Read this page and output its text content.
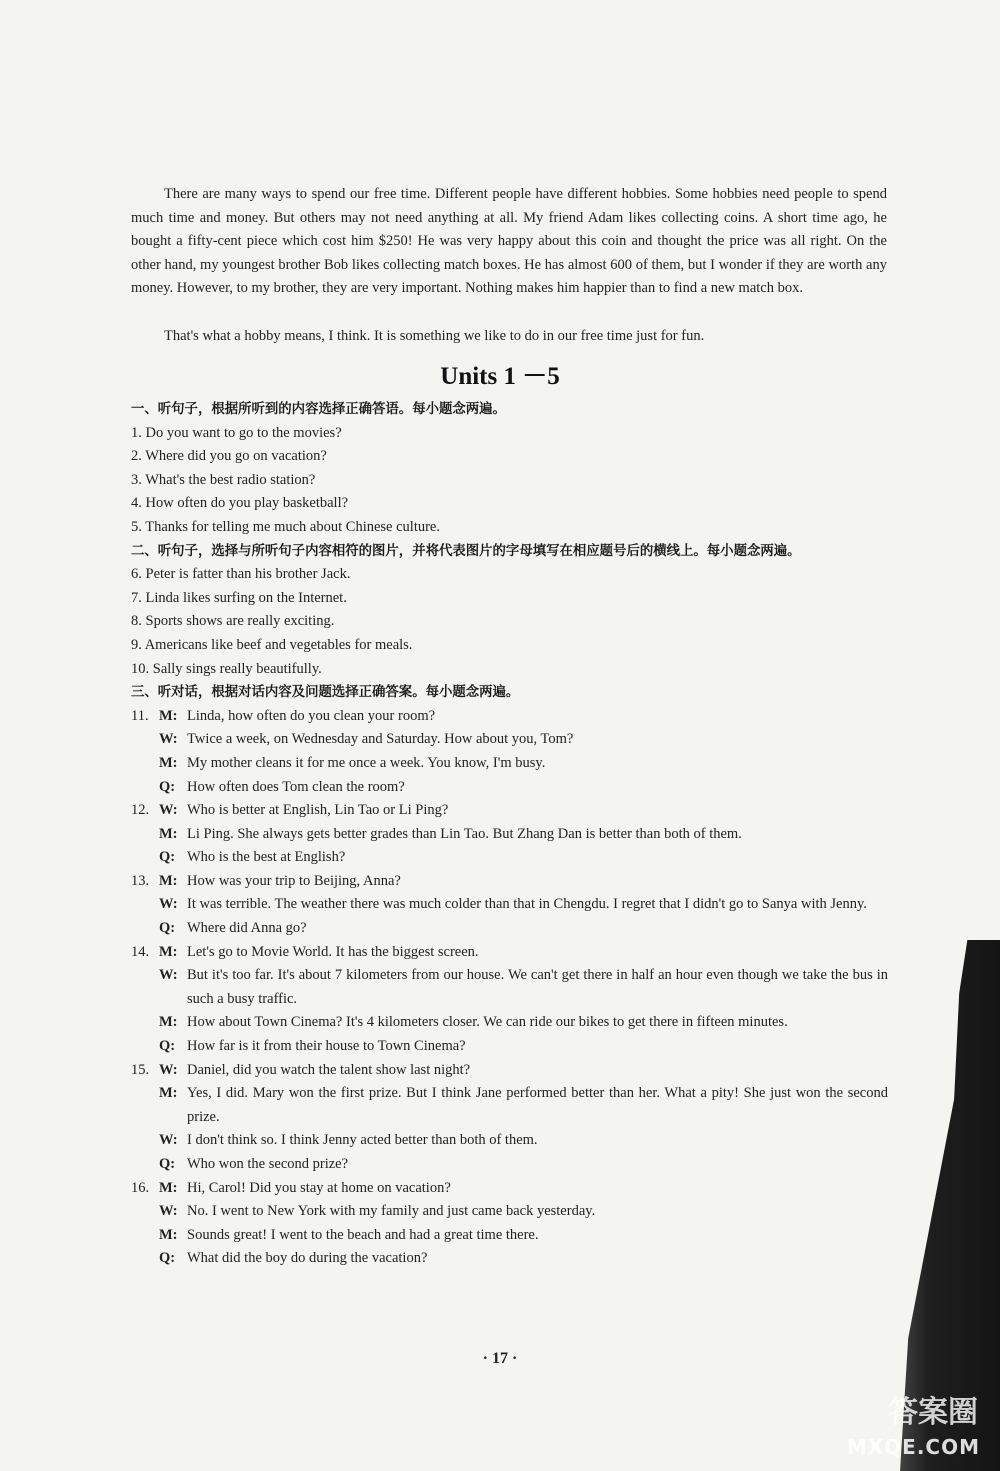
There are many ways to spend our free time. Different people have different hobbies. Some hobbies need people to spend much time and money. But others may not need anything at all. My friend Adam likes collecting coins. A short time ago, he bought a fifty-cent piece which cost him $250! He was very happy about this coin and thought the price was all right. On the other hand, my youngest brother Bob likes collecting match boxes. He has almost 600 of them, but I wonder if they are worth any money. However, to my brother, they are very important. Nothing makes him happier than to find a new match box.

That's what a hobby means, I think. It is something we like to do in our free time just for fun.

Units 1 －5

一、听句子，根据所听到的内容选择正确答语。每小题念两遍。

1. Do you want to go to the movies?

2. Where did you go on vacation?

3. What's the best radio station?

4. How often do you play basketball?

5. Thanks for telling me much about Chinese culture.

二、听句子，选择与所听句子内容相符的图片，并将代表图片的字母填写在相应题号后的横线上。每小题念两遍。

6. Peter is fatter than his brother Jack.

7. Linda likes surfing on the Internet.

8. Sports shows are really exciting.

9. Americans like beef and vegetables for meals.

10. Sally sings really beautifully.

三、听对话，根据对话内容及问题选择正确答案。每小题念两遍。

11. M: Linda, how often do you clean your room?
W: Twice a week, on Wednesday and Saturday. How about you, Tom?
M: My mother cleans it for me once a week. You know, I'm busy.
Q: How often does Tom clean the room?
12. W: Who is better at English, Lin Tao or Li Ping?
M: Li Ping. She always gets better grades than Lin Tao. But Zhang Dan is better than both of them.
Q: Who is the best at English?
13. M: How was your trip to Beijing, Anna?
W: It was terrible. The weather there was much colder than that in Chengdu. I regret that I didn't go to Sanya with Jenny.
Q: Where did Anna go?
14. M: Let's go to Movie World. It has the biggest screen.
W: But it's too far. It's about 7 kilometers from our house. We can't get there in half an hour even though we take the bus in such a busy traffic.
M: How about Town Cinema? It's 4 kilometers closer. We can ride our bikes to get there in fifteen minutes.
Q: How far is it from their house to Town Cinema?
15. W: Daniel, did you watch the talent show last night?
M: Yes, I did. Mary won the first prize. But I think Jane performed better than her. What a pity! She just won the second prize.
W: I don't think so. I think Jenny acted better than both of them.
Q: Who won the second prize?
16. M: Hi, Carol! Did you stay at home on vacation?
W: No. I went to New York with my family and just came back yesterday.
M: Sounds great! I went to the beach and had a great time there.
Q: What did the boy do during the vacation?
· 17 ·
答案圈
MXQE.COM
